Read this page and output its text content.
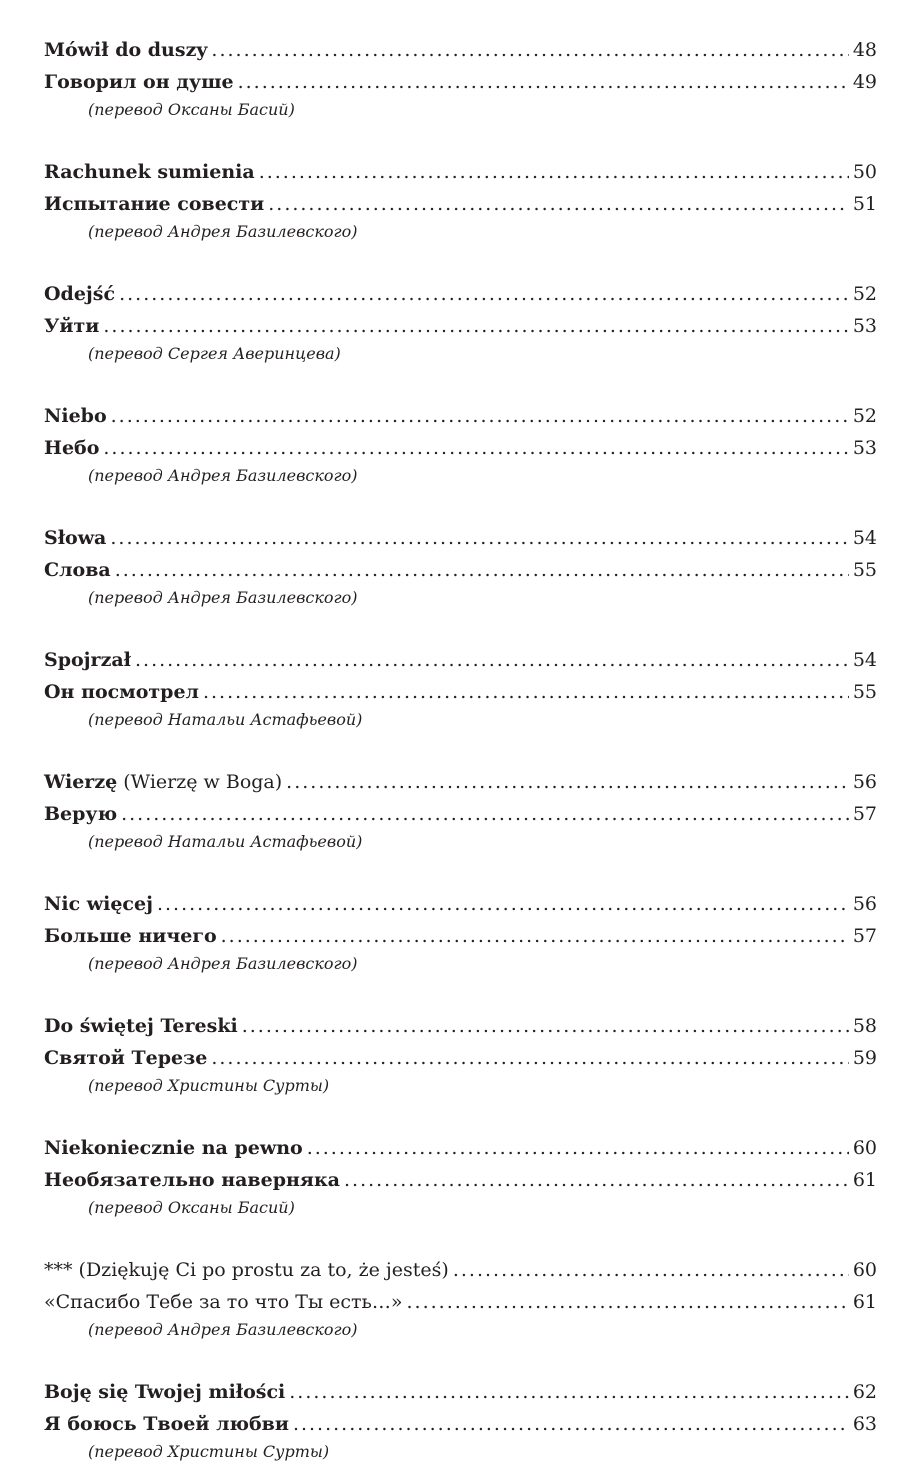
Mówił do duszy .....	48
Говорил он душе .....	49
(перевод Оксаны Басий)
Rachunek sumienia .....	50
Испытание совести .....	51
(перевод Андрея Базилевского)
Odejść .....	52
Уйти .....	53
(перевод Сергея Аверинцева)
Niebo .....	52
Небо .....	53
(перевод Андрея Базилевского)
Słowa .....	54
Слова .....	55
(перевод Андрея Базилевского)
Spojrzał .....	54
Он посмотрел .....	55
(перевод Натальи Астафьевой)
Wierzę (Wierzę w Boga) .....	56
Верую .....	57
(перевод Натальи Астафьевой)
Nic więcej .....	56
Больше ничего .....	57
(перевод Андрея Базилевского)
Do świętej Tereski .....	58
Святой Терезе .....	59
(перевод Христины Сурты)
Niekoniecznie na pewno .....	60
Необязательно наверняка .....	61
(перевод Оксаны Басий)
*** (Dziękuję Ci po prostu za to, że jesteś) .....	60
«Спасибо Тебе за то что Ты есть…» .....	61
(перевод Андрея Базилевского)
Boję się Twojej miłości .....	62
Я боюсь Твоей любви .....	63
(перевод Христины Сурты)
